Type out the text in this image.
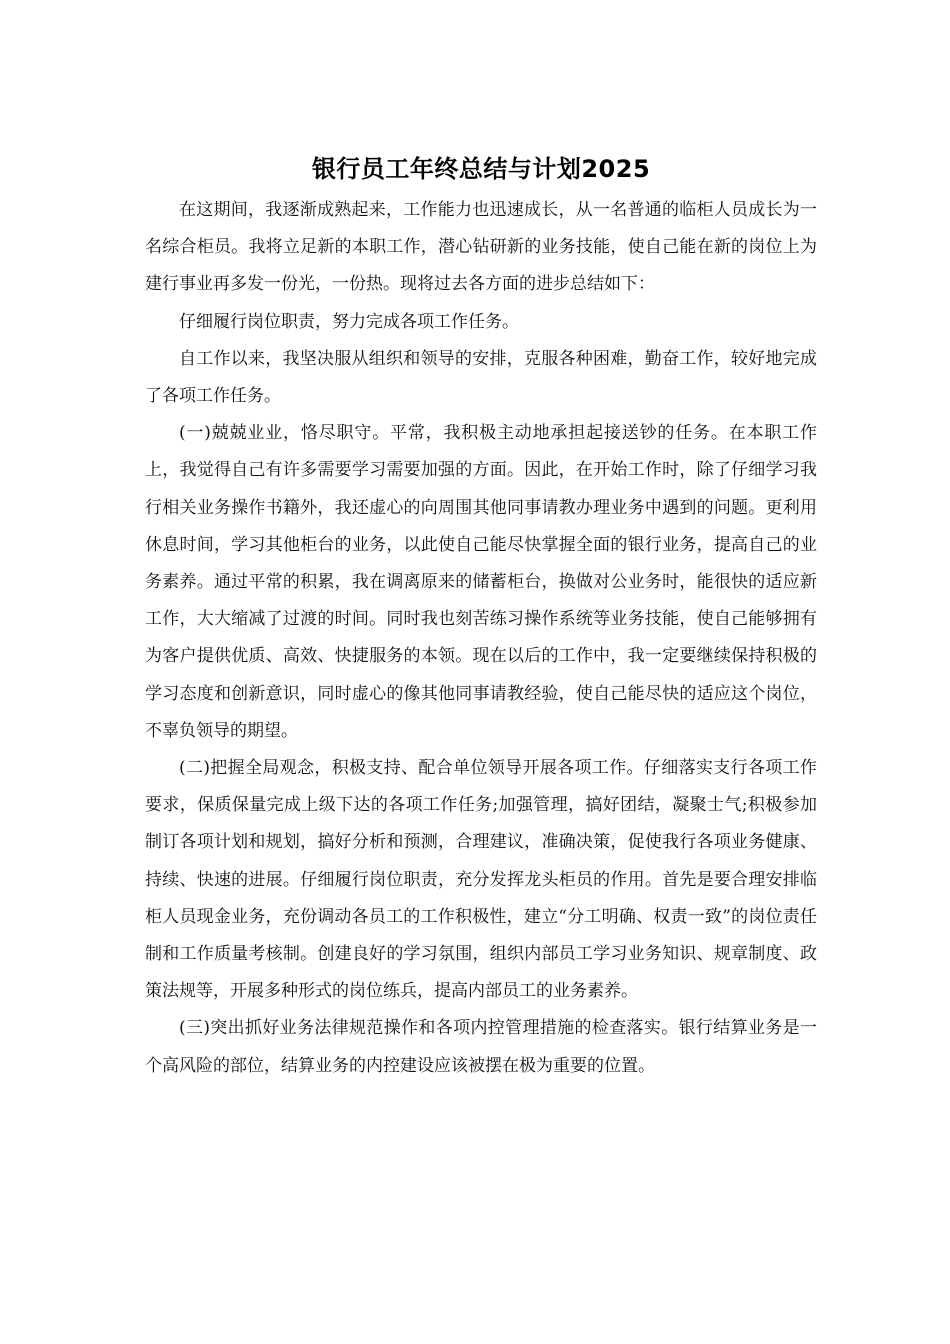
银行员工年终总结与计划2025

在这期间，我逐渐成熟起来，工作能力也迅速成长，从一名普通的临柜人员成长为一名综合柜员。我将立足新的本职工作，潜心钻研新的业务技能，使自己能在新的岗位上为建行事业再多发一份光，一份热。现将过去各方面的进步总结如下：

仔细履行岗位职责，努力完成各项工作任务。

自工作以来，我坚决服从组织和领导的安排，克服各种困难，勤奋工作，较好地完成了各项工作任务。

(一)兢兢业业，恪尽职守。平常，我积极主动地承担起接送钞的任务。在本职工作上，我觉得自己有许多需要学习需要加强的方面。因此，在开始工作时，除了仔细学习我行相关业务操作书籍外，我还虚心的向周围其他同事请教办理业务中遇到的问题。更利用休息时间，学习其他柜台的业务，以此使自己能尽快掌握全面的银行业务，提高自己的业务素养。通过平常的积累，我在调离原来的储蓄柜台，换做对公业务时，能很快的适应新工作，大大缩减了过渡的时间。同时我也刻苦练习操作系统等业务技能，使自己能够拥有为客户提供优质、高效、快捷服务的本领。现在以后的工作中，我一定要继续保持积极的学习态度和创新意识，同时虚心的像其他同事请教经验，使自己能尽快的适应这个岗位，不辜负领导的期望。

(二)把握全局观念，积极支持、配合单位领导开展各项工作。仔细落实支行各项工作要求，保质保量完成上级下达的各项工作任务;加强管理，搞好团结，凝聚士气;积极参加制订各项计划和规划，搞好分析和预测，合理建议，准确决策，促使我行各项业务健康、持续、快速的进展。仔细履行岗位职责，充分发挥龙头柜员的作用。首先是要合理安排临柜人员现金业务，充份调动各员工的工作积极性，建立“分工明确、权责一致”的岗位责任制和工作质量考核制。创建良好的学习氛围，组织内部员工学习业务知识、规章制度、政策法规等，开展多种形式的岗位练兵，提高内部员工的业务素养。

(三)突出抓好业务法律规范操作和各项内控管理措施的检查落实。银行结算业务是一个高风险的部位，结算业务的内控建设应该被摆在极为重要的位置。
